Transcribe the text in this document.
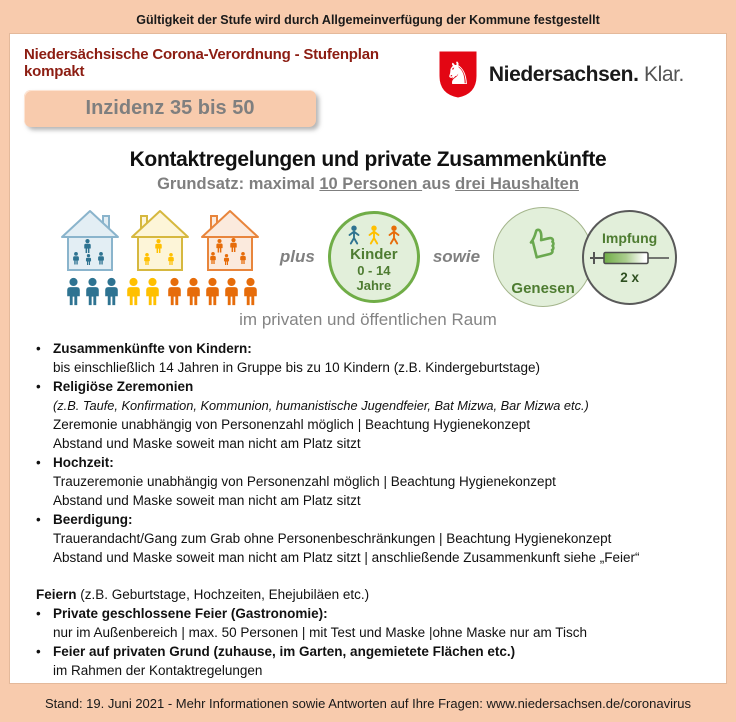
Gültigkeit der Stufe wird durch Allgemeinverfügung der Kommune festgestellt
Niedersächsische Corona-Verordnung - Stufenplan kompakt
Inzidenz 35 bis 50
♞ Niedersachsen. Klar.
Kontaktregelungen und private Zusammenkünfte
Grundsatz: maximal 10 Personen aus drei Haushalten
plus Kinder
0 - 14
Jahre
sowie
Genesen
Impfung
2 x
im privaten und öffentlichen Raum
•
Zusammenkünfte von Kindern:
bis einschließlich 14 Jahren in Gruppe bis zu 10 Kindern (z.B. Kindergeburtstage)
•
Religiöse Zeremonien
(z.B. Taufe, Konfirmation, Kommunion, humanistische Jugendfeier, Bat Mizwa, Bar Mizwa etc.)
Zeremonie unabhängig von Personenzahl möglich | Beachtung Hygienekonzept
Abstand und Maske soweit man nicht am Platz sitzt
•
Hochzeit:
Trauzeremonie unabhängig von Personenzahl möglich | Beachtung Hygienekonzept
Abstand und Maske soweit man nicht am Platz sitzt
•
Beerdigung:
Trauerandacht/Gang zum Grab ohne Personenbeschränkungen | Beachtung Hygienekonzept
Abstand und Maske soweit man nicht am Platz sitzt | anschließende Zusammenkunft siehe „Feier“
Feiern (z.B. Geburtstage, Hochzeiten, Ehejubiläen etc.)
•
Private geschlossene Feier (Gastronomie):
nur im Außenbereich | max. 50 Personen | mit Test und Maske |ohne Maske nur am Tisch
•
Feier auf privaten Grund (zuhause, im Garten, angemietete Flächen etc.)
im Rahmen der Kontaktregelungen
Stand: 19. Juni 2021 - Mehr Informationen sowie Antworten auf Ihre Fragen: www.niedersachsen.de/coronavirus
